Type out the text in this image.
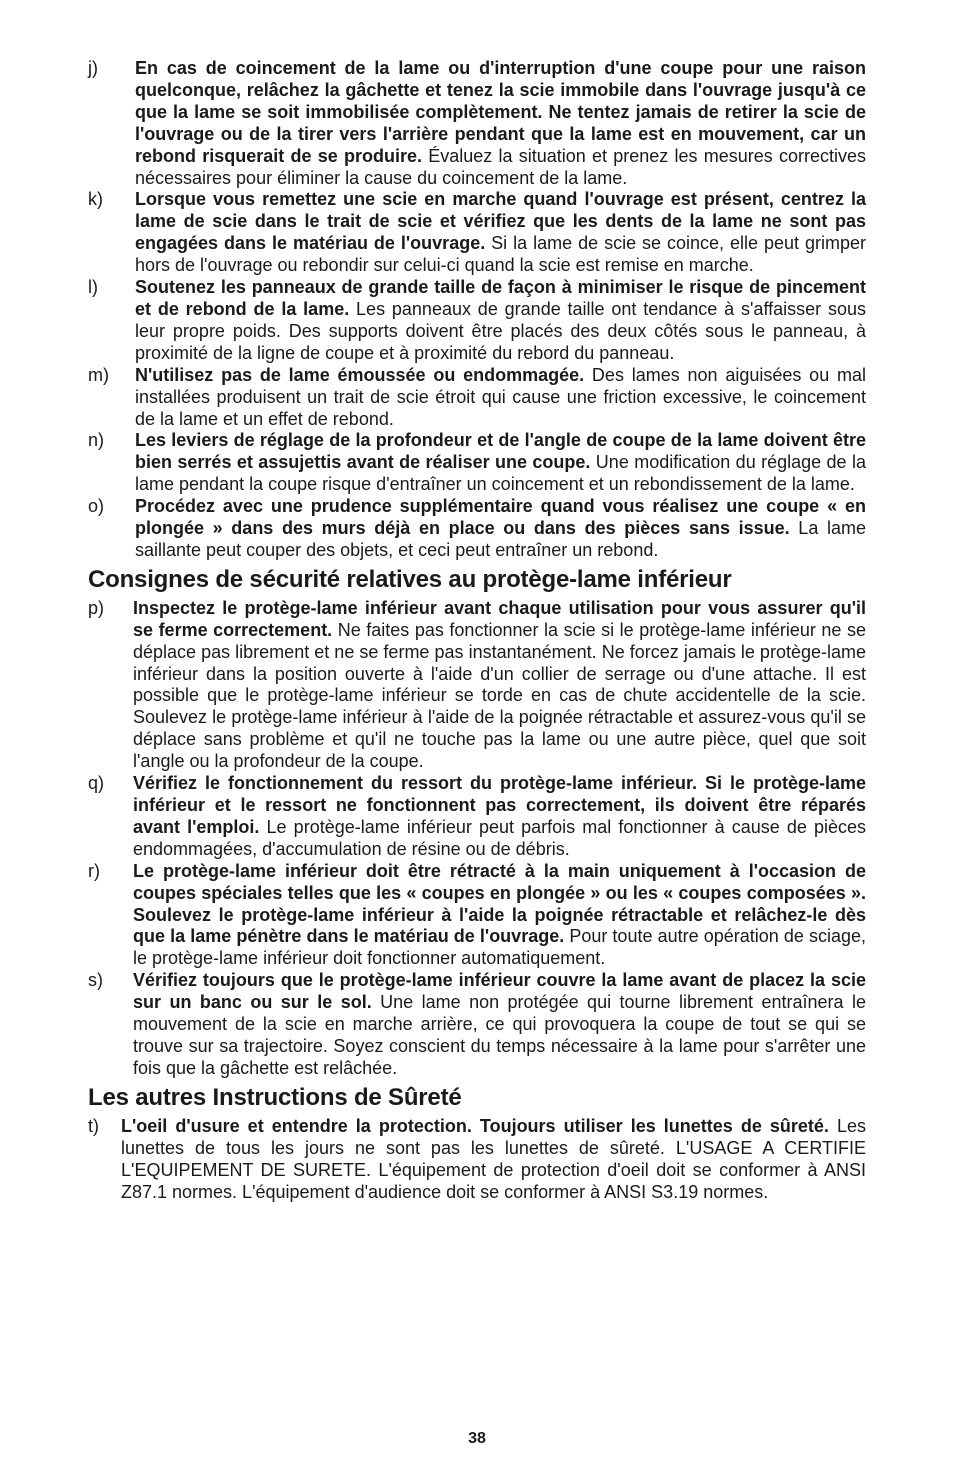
j)	En cas de coincement de la lame ou d'interruption d'une coupe pour une raison quelconque, relâchez la gâchette et tenez la scie immobile dans l'ouvrage jusqu'à ce que la lame se soit immobilisée complètement. Ne tentez jamais de retirer la scie de l'ouvrage ou de la tirer vers l'arrière pendant que la lame est en mouvement, car un rebond risquerait de se produire. Évaluez la situation et prenez les mesures correctives nécessaires pour éliminer la cause du coincement de la lame.
k)	Lorsque vous remettez une scie en marche quand l'ouvrage est présent, centrez la lame de scie dans le trait de scie et vérifiez que les dents de la lame ne sont pas engagées dans le matériau de l'ouvrage. Si la lame de scie se coince, elle peut grimper hors de l'ouvrage ou rebondir sur celui-ci quand la scie est remise en marche.
l)	Soutenez les panneaux de grande taille de façon à minimiser le risque de pincement et de rebond de la lame. Les panneaux de grande taille ont tendance à s'affaisser sous leur propre poids. Des supports doivent être placés des deux côtés sous le panneau, à proximité de la ligne de coupe et à proximité du rebord du panneau.
m)	N'utilisez pas de lame émoussée ou endommagée. Des lames non aiguisées ou mal installées produisent un trait de scie étroit qui cause une friction excessive, le coincement de la lame et un effet de rebond.
n)	Les leviers de réglage de la profondeur et de l'angle de coupe de la lame doivent être bien serrés et assujettis avant de réaliser une coupe. Une modification du réglage de la lame pendant la coupe risque d'entraîner un coincement et un rebondissement de la lame.
o)	Procédez avec une prudence supplémentaire quand vous réalisez une coupe « en plongée » dans des murs déjà en place ou dans des pièces sans issue. La lame saillante peut couper des objets, et ceci peut entraîner un rebond.
Consignes de sécurité relatives au protège-lame inférieur
p)	Inspectez le protège-lame inférieur avant chaque utilisation pour vous assurer qu'il se ferme correctement. Ne faites pas fonctionner la scie si le protège-lame inférieur ne se déplace pas librement et ne se ferme pas instantanément. Ne forcez jamais le protège-lame inférieur dans la position ouverte à l'aide d'un collier de serrage ou d'une attache. Il est possible que le protège-lame inférieur se torde en cas de chute accidentelle de la scie. Soulevez le protège-lame inférieur à l'aide de la poignée rétractable et assurez-vous qu'il se déplace sans problème et qu'il ne touche pas la lame ou une autre pièce, quel que soit l'angle ou la profondeur de la coupe.
q)	Vérifiez le fonctionnement du ressort du protège-lame inférieur. Si le protège-lame inférieur et le ressort ne fonctionnent pas correctement, ils doivent être réparés avant l'emploi. Le protège-lame inférieur peut parfois mal fonctionner à cause de pièces endommagées, d'accumulation de résine ou de débris.
r)	Le protège-lame inférieur doit être rétracté à la main uniquement à l'occasion de coupes spéciales telles que les « coupes en plongée » ou les « coupes composées ». Soulevez le protège-lame inférieur à l'aide la poignée rétractable et relâchez-le dès que la lame pénètre dans le matériau de l'ouvrage. Pour toute autre opération de sciage, le protège-lame inférieur doit fonctionner automatiquement.
s)	Vérifiez toujours que le protège-lame inférieur couvre la lame avant de placez la scie sur un banc ou sur le sol. Une lame non protégée qui tourne librement entraînera le mouvement de la scie en marche arrière, ce qui provoquera la coupe de tout se qui se trouve sur sa trajectoire. Soyez conscient du temps nécessaire à la lame pour s'arrêter une fois que la gâchette est relâchée.
Les autres Instructions de Sûreté
t)	L'oeil d'usure et entendre la protection. Toujours utiliser les lunettes de sûreté. Les lunettes de tous les jours ne sont pas les lunettes de sûreté. L'USAGE A CERTIFIE L'EQUIPEMENT DE SURETE. L'équipement de protection d'oeil doit se conformer à ANSI Z87.1 normes. L'équipement d'audience doit se conformer à ANSI S3.19 normes.
38
